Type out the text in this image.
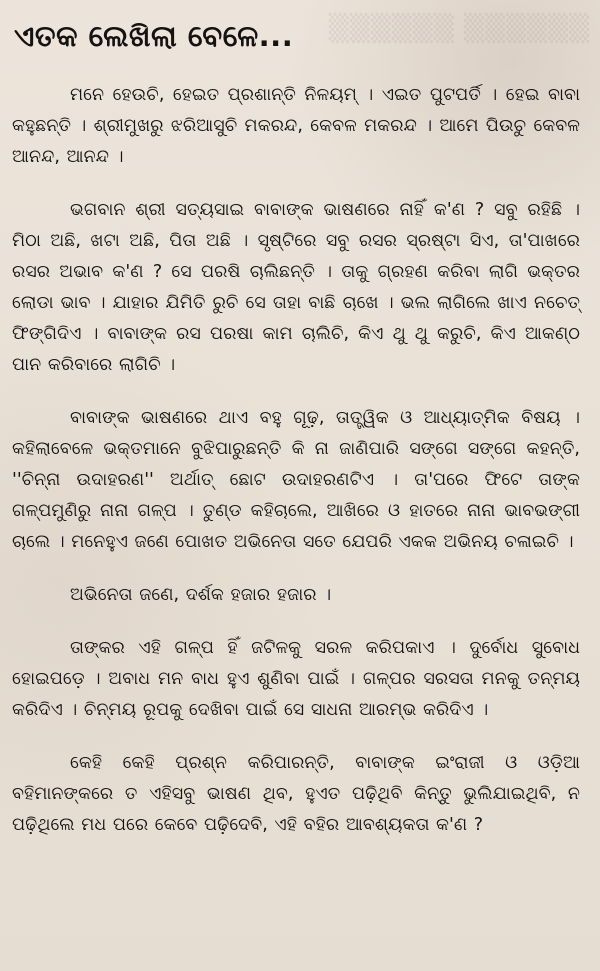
▒▒▒▒▒▒ ▒▒▒▒▒▒
ଏତକ ଲେଖିଲା ବେଳେ...

ମନେ ହେଉଚି, ହେଇତ ପ୍ରଶାନ୍ତି ନିଳୟମ୍ । ଏଇତ ପୁଟପର୍ତି । ହେଇ ବାବା କହୁଛନ୍ତି । ଶ୍ରୀମୁଖରୁ ଝରିଆସୁଚି ମକରନ୍ଦ, କେବଳ ମକରନ୍ଦ । ଆମେ ପିଉଚୁ କେବଳ ଆନନ୍ଦ, ଆନନ୍ଦ ।

ଭଗବାନ ଶ୍ରୀ ସତ୍ୟସାଇ ବାବାଙ୍କ ଭାଷଣରେ ନାହିଁ କ'ଣ ? ସବୁ ରହିଛି । ମିଠା ଅଛି, ଖଟା ଅଛି, ପିତା ଅଛି । ସୃଷ୍ଟିରେ ସବୁ ରସର ସ୍ରଷ୍ଟା ସିଏ, ତା'ପାଖରେ ରସର ଅଭାବ କ'ଣ ? ସେ ପରଷି ଚାଲିଛନ୍ତି । ତାକୁ ଗ୍ରହଣ କରିବା ଲାଗି ଭକ୍ତର ଲୋଡା ଭାବ । ଯାହାର ଯିମିତି ରୁଚି ସେ ତାହା ବାଛି ଚାଖେ । ଭଲ ଲାଗିଲେ ଖାଏ ନଚେତ୍ ଫିଙ୍ଗିଦିଏ । ବାବାଙ୍କ ରସ ପରଷା କାମ ଚାଲିଚି, କିଏ ଥୁ ଥୁ କରୁଚି, କିଏ ଆକଣ୍ଠ ପାନ କରିବାରେ ଲାଗିଚି ।

ବାବାଙ୍କ ଭାଷଣରେ ଥାଏ ବହୁ ଗୂଢ଼, ତାତ୍ତ୍ୱିକ ଓ ଆଧ୍ୟାତ୍ମିକ ବିଷୟ । କହିଲାବେଳେ ଭକ୍ତମାନେ ବୁଝିପାରୁଛନ୍ତି କି ନା ଜାଣିପାରି ସଙ୍ଗେ ସଙ୍ଗେ କହନ୍ତି, ''ଚିନ୍ନା ଉଦାହରଣ'' ଅର୍ଥାତ୍ ଛୋଟ ଉଦାହରଣଟିଏ । ତା'ପରେ ଫିଟେ ତାଙ୍କ ଗଳ୍ପମୁଣିରୁ ନାନା ଗଳ୍ପ । ତୁଣ୍ଡ କହିଚାଲେ, ଆଖିରେ ଓ ହାତରେ ନାନା ଭାବଭଙ୍ଗୀ ଚାଲେ । ମନେହୁଏ ଜଣେ ପୋଖତ ଅଭିନେତା ସତେ ଯେପରି ଏକକ ଅଭିନୟ ଚଳାଇଚି ।

ଅଭିନେତା ଜଣେ, ଦର୍ଶକ ହଜାର ହଜାର ।

ତାଙ୍କର ଏହି ଗଳ୍ପ ହିଁ ଜଟିଳକୁ ସରଳ କରିପକାଏ । ଦୁର୍ବୋଧ ସୁବୋଧ ହୋଇପଡ଼େ । ଅବାଧ ମନ ବାଧ ହୁଏ ଶୁଣିବା ପାଇଁ । ଗଳ୍ପର ସରସତା ମନକୁ ତନ୍ମୟ କରିଦିଏ । ଚିନ୍ମୟ ରୂପକୁ ଦେଖିବା ପାଇଁ ସେ ସାଧନା ଆରମ୍ଭ କରିଦିଏ ।

କେହି କେହି ପ୍ରଶ୍ନ କରିପାରନ୍ତି, ବାବାଙ୍କ ଇଂରାଜୀ ଓ ଓଡ଼ିଆ ବହିମାନଙ୍କରେ ତ ଏହିସବୁ ଭାଷଣ ଥିବ, ହୁଏତ ପଢ଼ିଥିବି କିନ୍ତୁ ଭୁଲିଯାଇଥିବି, ନ ପଢ଼ିଥିଲେ ମଧ ପରେ କେବେ ପଢ଼ିଦେବି, ଏହି ବହିର ଆବଶ୍ୟକତା କ'ଣ ?
